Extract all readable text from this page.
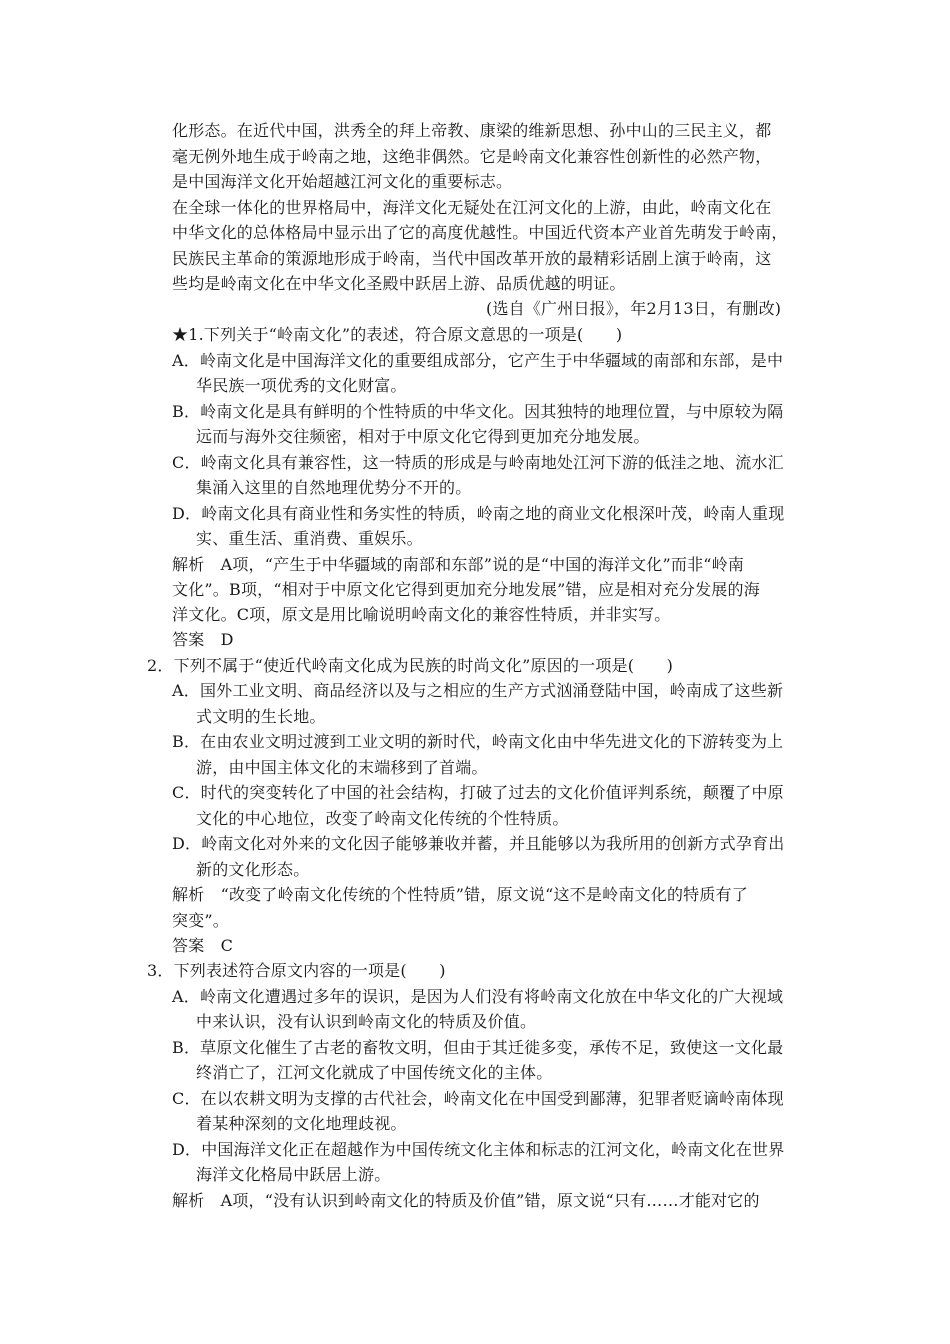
化形态。在近代中国，洪秀全的拜上帝教、康梁的维新思想、孙中山的三民主义，都
毫无例外地生成于岭南之地，这绝非偶然。它是岭南文化兼容性创新性的必然产物，
是中国海洋文化开始超越江河文化的重要标志。
在全球一体化的世界格局中，海洋文化无疑处在江河文化的上游，由此，岭南文化在
中华文化的总体格局中显示出了它的高度优越性。中国近代资本产业首先萌发于岭南，
民族民主革命的策源地形成于岭南，当代中国改革开放的最精彩话剧上演于岭南，这
些均是岭南文化在中华文化圣殿中跃居上游、品质优越的明证。
(选自《广州日报》，年2月13日，有删改)
★1.下列关于“岭南文化”的表述，符合原文意思的一项是(　　)
A．岭南文化是中国海洋文化的重要组成部分，它产生于中华疆域的南部和东部，是中
华民族一项优秀的文化财富。
B．岭南文化是具有鲜明的个性特质的中华文化。因其独特的地理位置，与中原较为隔
远而与海外交往频密，相对于中原文化它得到更加充分地发展。
C．岭南文化具有兼容性，这一特质的形成是与岭南地处江河下游的低洼之地、流水汇
集涌入这里的自然地理优势分不开的。
D．岭南文化具有商业性和务实性的特质，岭南之地的商业文化根深叶茂，岭南人重现
实、重生活、重消费、重娱乐。
解析　A项，“产生于中华疆域的南部和东部”说的是“中国的海洋文化”而非“岭南
文化”。B项，“相对于中原文化它得到更加充分地发展”错，应是相对充分发展的海
洋文化。C项，原文是用比喻说明岭南文化的兼容性特质，并非实写。
答案　D
2．下列不属于“使近代岭南文化成为民族的时尚文化”原因的一项是(　　)
A．国外工业文明、商品经济以及与之相应的生产方式汹涌登陆中国，岭南成了这些新
式文明的生长地。
B．在由农业文明过渡到工业文明的新时代，岭南文化由中华先进文化的下游转变为上
游，由中国主体文化的末端移到了首端。
C．时代的突变转化了中国的社会结构，打破了过去的文化价值评判系统，颠覆了中原
文化的中心地位，改变了岭南文化传统的个性特质。
D．岭南文化对外来的文化因子能够兼收并蓄，并且能够以为我所用的创新方式孕育出
新的文化形态。
解析　“改变了岭南文化传统的个性特质”错，原文说“这不是岭南文化的特质有了
突变”。
答案　C
3．下列表述符合原文内容的一项是(　　)
A．岭南文化遭遇过多年的误识，是因为人们没有将岭南文化放在中华文化的广大视域
中来认识，没有认识到岭南文化的特质及价值。
B．草原文化催生了古老的畜牧文明，但由于其迁徙多变，承传不足，致使这一文化最
终消亡了，江河文化就成了中国传统文化的主体。
C．在以农耕文明为支撑的古代社会，岭南文化在中国受到鄙薄，犯罪者贬谪岭南体现
着某种深刻的文化地理歧视。
D．中国海洋文化正在超越作为中国传统文化主体和标志的江河文化，岭南文化在世界
海洋文化格局中跃居上游。
解析　A项，“没有认识到岭南文化的特质及价值”错，原文说“只有……才能对它的
